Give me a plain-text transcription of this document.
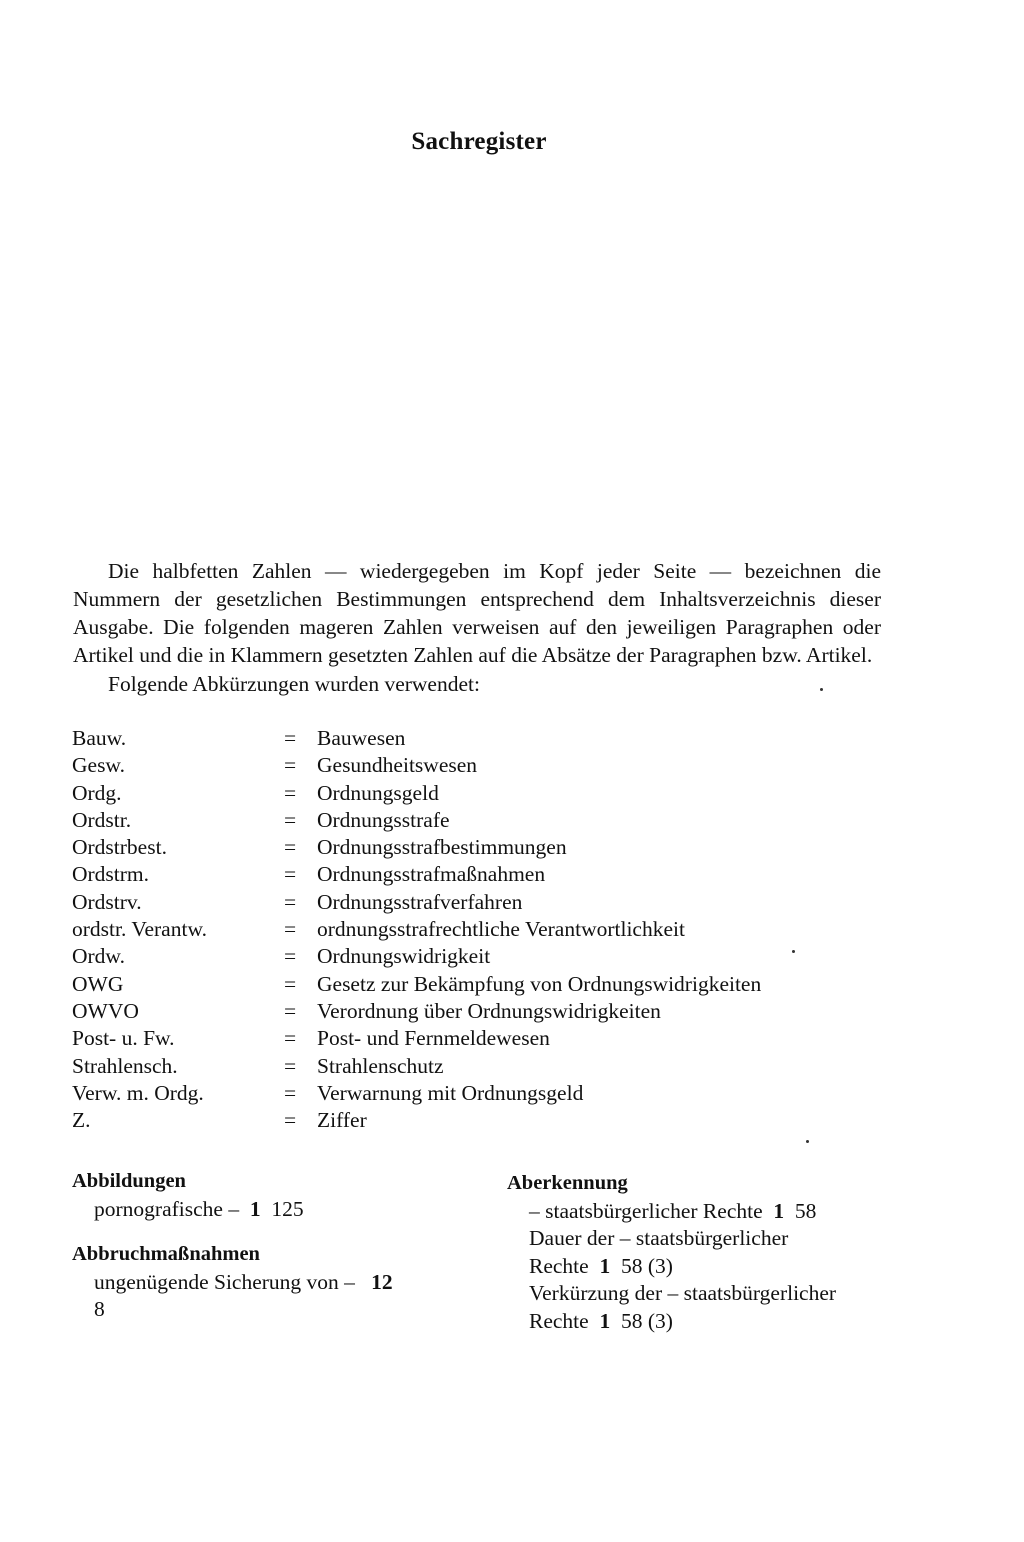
Sachregister

Die halbfetten Zahlen — wiedergegeben im Kopf jeder Seite — bezeichnen die Nummern der gesetzlichen Bestimmungen entsprechend dem Inhaltsverzeichnis dieser Ausgabe. Die folgenden mageren Zahlen verweisen auf den jeweiligen Paragraphen oder Artikel und die in Klammern gesetzten Zahlen auf die Absätze der Paragraphen bzw. Artikel.

Folgende Abkürzungen wurden verwendet:

Bauw.	= Bauwesen
Gesw.	= Gesundheitswesen
Ordg.	= Ordnungsgeld
Ordstr.	= Ordnungsstrafe
Ordstrbest.	= Ordnungsstrafbestimmungen
Ordstrm.	= Ordnungsstrafmaßnahmen
Ordstrv.	= Ordnungsstrafverfahren
ordstr. Verantw.	= ordnungsstrafrechtliche Verantwortlichkeit
Ordw.	= Ordnungswidrigkeit
OWG	= Gesetz zur Bekämpfung von Ordnungswidrigkeiten
OWVO	= Verordnung über Ordnungswidrigkeiten
Post- u. Fw.	= Post- und Fernmeldewesen
Strahlensch.	= Strahlenschutz
Verw. m. Ordg.	= Verwarnung mit Ordnungsgeld
Z.	= Ziffer
Abbildungen
pornografische – 1 125
Abbruchmaßnahmen
ungenügende Sicherung von – 12
8
Aberkennung
– staatsbürgerlicher Rechte 1 58
Dauer der – staatsbürgerlicher
Rechte 1 58 (3)
Verkürzung der – staatsbürgerlicher
Rechte 1 58 (3)
